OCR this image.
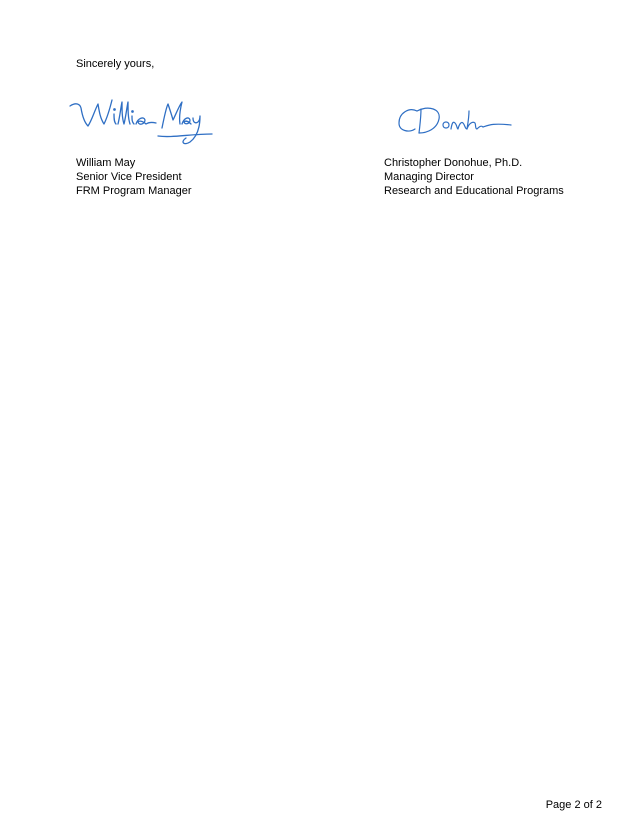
Sincerely yours,
William May
Senior Vice President
FRM Program Manager
Christopher Donohue, Ph.D.
Managing Director
Research and Educational Programs
Page 2 of 2
